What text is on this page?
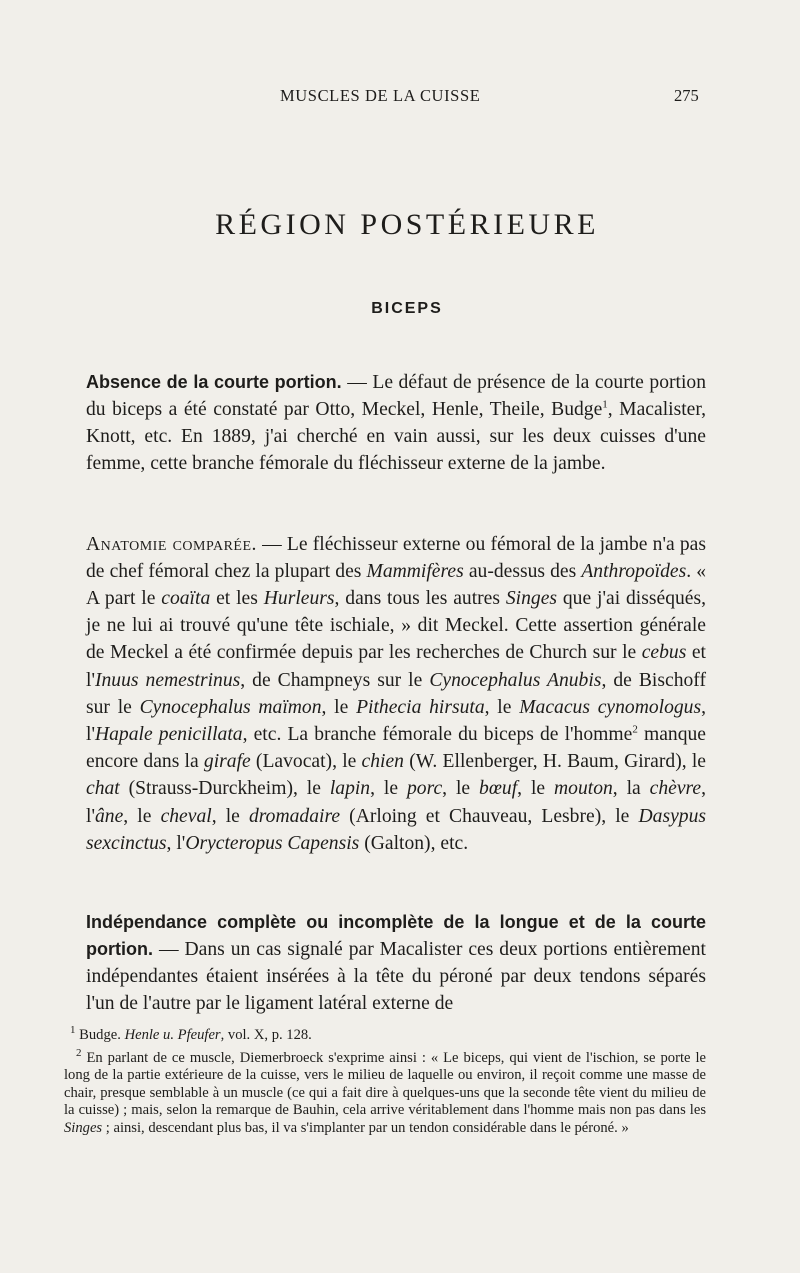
MUSCLES DE LA CUISSE	275
RÉGION POSTÉRIEURE
BICEPS

Absence de la courte portion. — Le défaut de présence de la courte portion du biceps a été constaté par Otto, Meckel, Henle, Theile, Budge$^1$, Macalister, Knott, etc. En 1889, j'ai cherché en vain aussi, sur les deux cuisses d'une femme, cette branche fémorale du fléchisseur externe de la jambe.

Anatomie comparée. — Le fléchisseur externe ou fémoral de la jambe n'a pas de chef fémoral chez la plupart des Mammifères au-dessus des Anthropoïdes. « A part le coaïta et les Hurleurs, dans tous les autres Singes que j'ai disséqués, je ne lui ai trouvé qu'une tête ischiale, » dit Meckel. Cette assertion générale de Meckel a été confirmée depuis par les recherches de Church sur le cebus et l'Inuus nemestrinus, de Champneys sur le Cynocephalus Anubis, de Bischoff sur le Cynocephalus maïmon, le Pithecia hirsuta, le Macacus cynomologus, l'Hapale penicillata, etc. La branche fémorale du biceps de l'homme$^2$ manque encore dans la girafe (Lavocat), le chien (W. Ellenberger, H. Baum, Girard), le chat (Strauss-Durckheim), le lapin, le porc, le bœuf, le mouton, la chèvre, l'âne, le cheval, le dromadaire (Arloing et Chauveau, Lesbre), le Dasypus sexcinctus, l'Orycteropus Capensis (Galton), etc.

Indépendance complète ou incomplète de la longue et de la courte portion. — Dans un cas signalé par Macalister ces deux portions entièrement indépendantes étaient insérées à la tête du péroné par deux tendons séparés l'un de l'autre par le ligament latéral externe de

$^1$ Budge. Henle u. Pfeufer, vol. X, p. 128.

$^2$ En parlant de ce muscle, Diemerbroeck s'exprime ainsi : « Le biceps, qui vient de l'ischion, se porte le long de la partie extérieure de la cuisse, vers le milieu de laquelle ou environ, il reçoit comme une masse de chair, presque semblable à un muscle (ce qui a fait dire à quelques-uns que la seconde tête vient du milieu de la cuisse) ; mais, selon la remarque de Bauhin, cela arrive véritablement dans l'homme mais non pas dans les Singes ; ainsi, descendant plus bas, il va s'implanter par un tendon considérable dans le péroné. »
